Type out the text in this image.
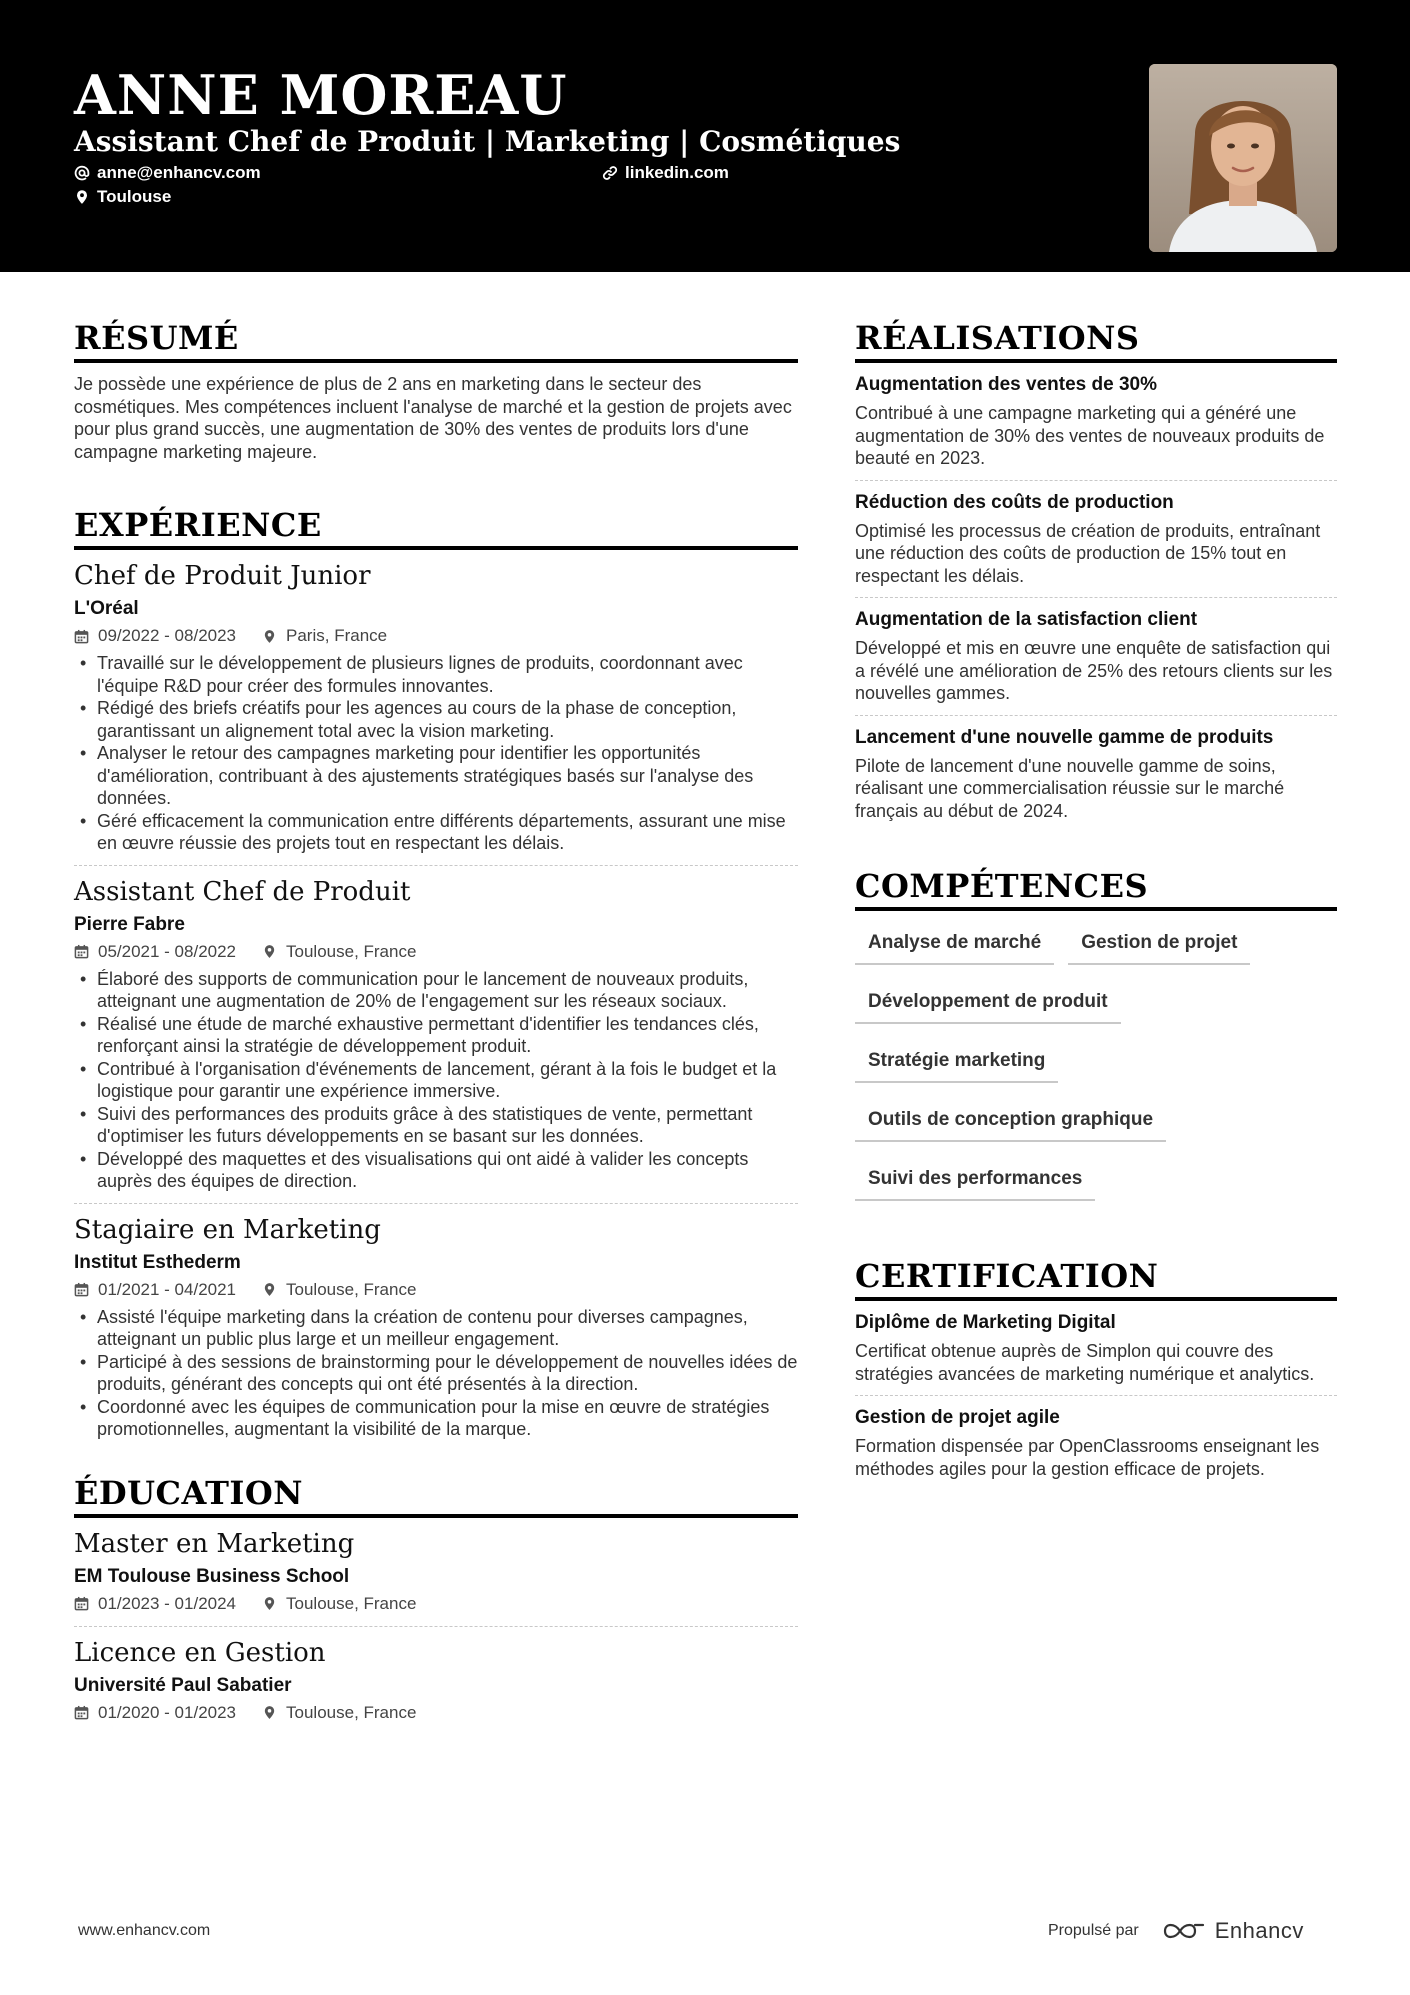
ANNE MOREAU
Assistant Chef de Produit | Marketing | Cosmétiques
anne@enhancv.com	linkedin.com
Toulouse
RÉSUMÉ
Je possède une expérience de plus de 2 ans en marketing dans le secteur des cosmétiques. Mes compétences incluent l'analyse de marché et la gestion de projets avec pour plus grand succès, une augmentation de 30% des ventes de produits lors d'une campagne marketing majeure.
EXPÉRIENCE
Chef de Produit Junior
L'Oréal
09/2022 - 08/2023	Paris, France
• Travaillé sur le développement de plusieurs lignes de produits, coordonnant avec l'équipe R&D pour créer des formules innovantes.
• Rédigé des briefs créatifs pour les agences au cours de la phase de conception, garantissant un alignement total avec la vision marketing.
• Analyser le retour des campagnes marketing pour identifier les opportunités d'amélioration, contribuant à des ajustements stratégiques basés sur l'analyse des données.
• Géré efficacement la communication entre différents départements, assurant une mise en œuvre réussie des projets tout en respectant les délais.
Assistant Chef de Produit
Pierre Fabre
05/2021 - 08/2022	Toulouse, France
• Élaboré des supports de communication pour le lancement de nouveaux produits, atteignant une augmentation de 20% de l'engagement sur les réseaux sociaux.
• Réalisé une étude de marché exhaustive permettant d'identifier les tendances clés, renforçant ainsi la stratégie de développement produit.
• Contribué à l'organisation d'événements de lancement, gérant à la fois le budget et la logistique pour garantir une expérience immersive.
• Suivi des performances des produits grâce à des statistiques de vente, permettant d'optimiser les futurs développements en se basant sur les données.
• Développé des maquettes et des visualisations qui ont aidé à valider les concepts auprès des équipes de direction.
Stagiaire en Marketing
Institut Esthederm
01/2021 - 04/2021	Toulouse, France
• Assisté l'équipe marketing dans la création de contenu pour diverses campagnes, atteignant un public plus large et un meilleur engagement.
• Participé à des sessions de brainstorming pour le développement de nouvelles idées de produits, générant des concepts qui ont été présentés à la direction.
• Coordonné avec les équipes de communication pour la mise en œuvre de stratégies promotionnelles, augmentant la visibilité de la marque.
ÉDUCATION
Master en Marketing
EM Toulouse Business School
01/2023 - 01/2024	Toulouse, France
Licence en Gestion
Université Paul Sabatier
01/2020 - 01/2023	Toulouse, France
RÉALISATIONS
Augmentation des ventes de 30%
Contribué à une campagne marketing qui a généré une augmentation de 30% des ventes de nouveaux produits de beauté en 2023.
Réduction des coûts de production
Optimisé les processus de création de produits, entraînant une réduction des coûts de production de 15% tout en respectant les délais.
Augmentation de la satisfaction client
Développé et mis en œuvre une enquête de satisfaction qui a révélé une amélioration de 25% des retours clients sur les nouvelles gammes.
Lancement d'une nouvelle gamme de produits
Pilote de lancement d'une nouvelle gamme de soins, réalisant une commercialisation réussie sur le marché français au début de 2024.
COMPÉTENCES
Analyse de marché	Gestion de projet
Développement de produit
Stratégie marketing
Outils de conception graphique
Suivi des performances
CERTIFICATION
Diplôme de Marketing Digital
Certificat obtenue auprès de Simplon qui couvre des stratégies avancées de marketing numérique et analytics.
Gestion de projet agile
Formation dispensée par OpenClassrooms enseignant les méthodes agiles pour la gestion efficace de projets.
www.enhancv.com	Propulsé par	Enhancv
